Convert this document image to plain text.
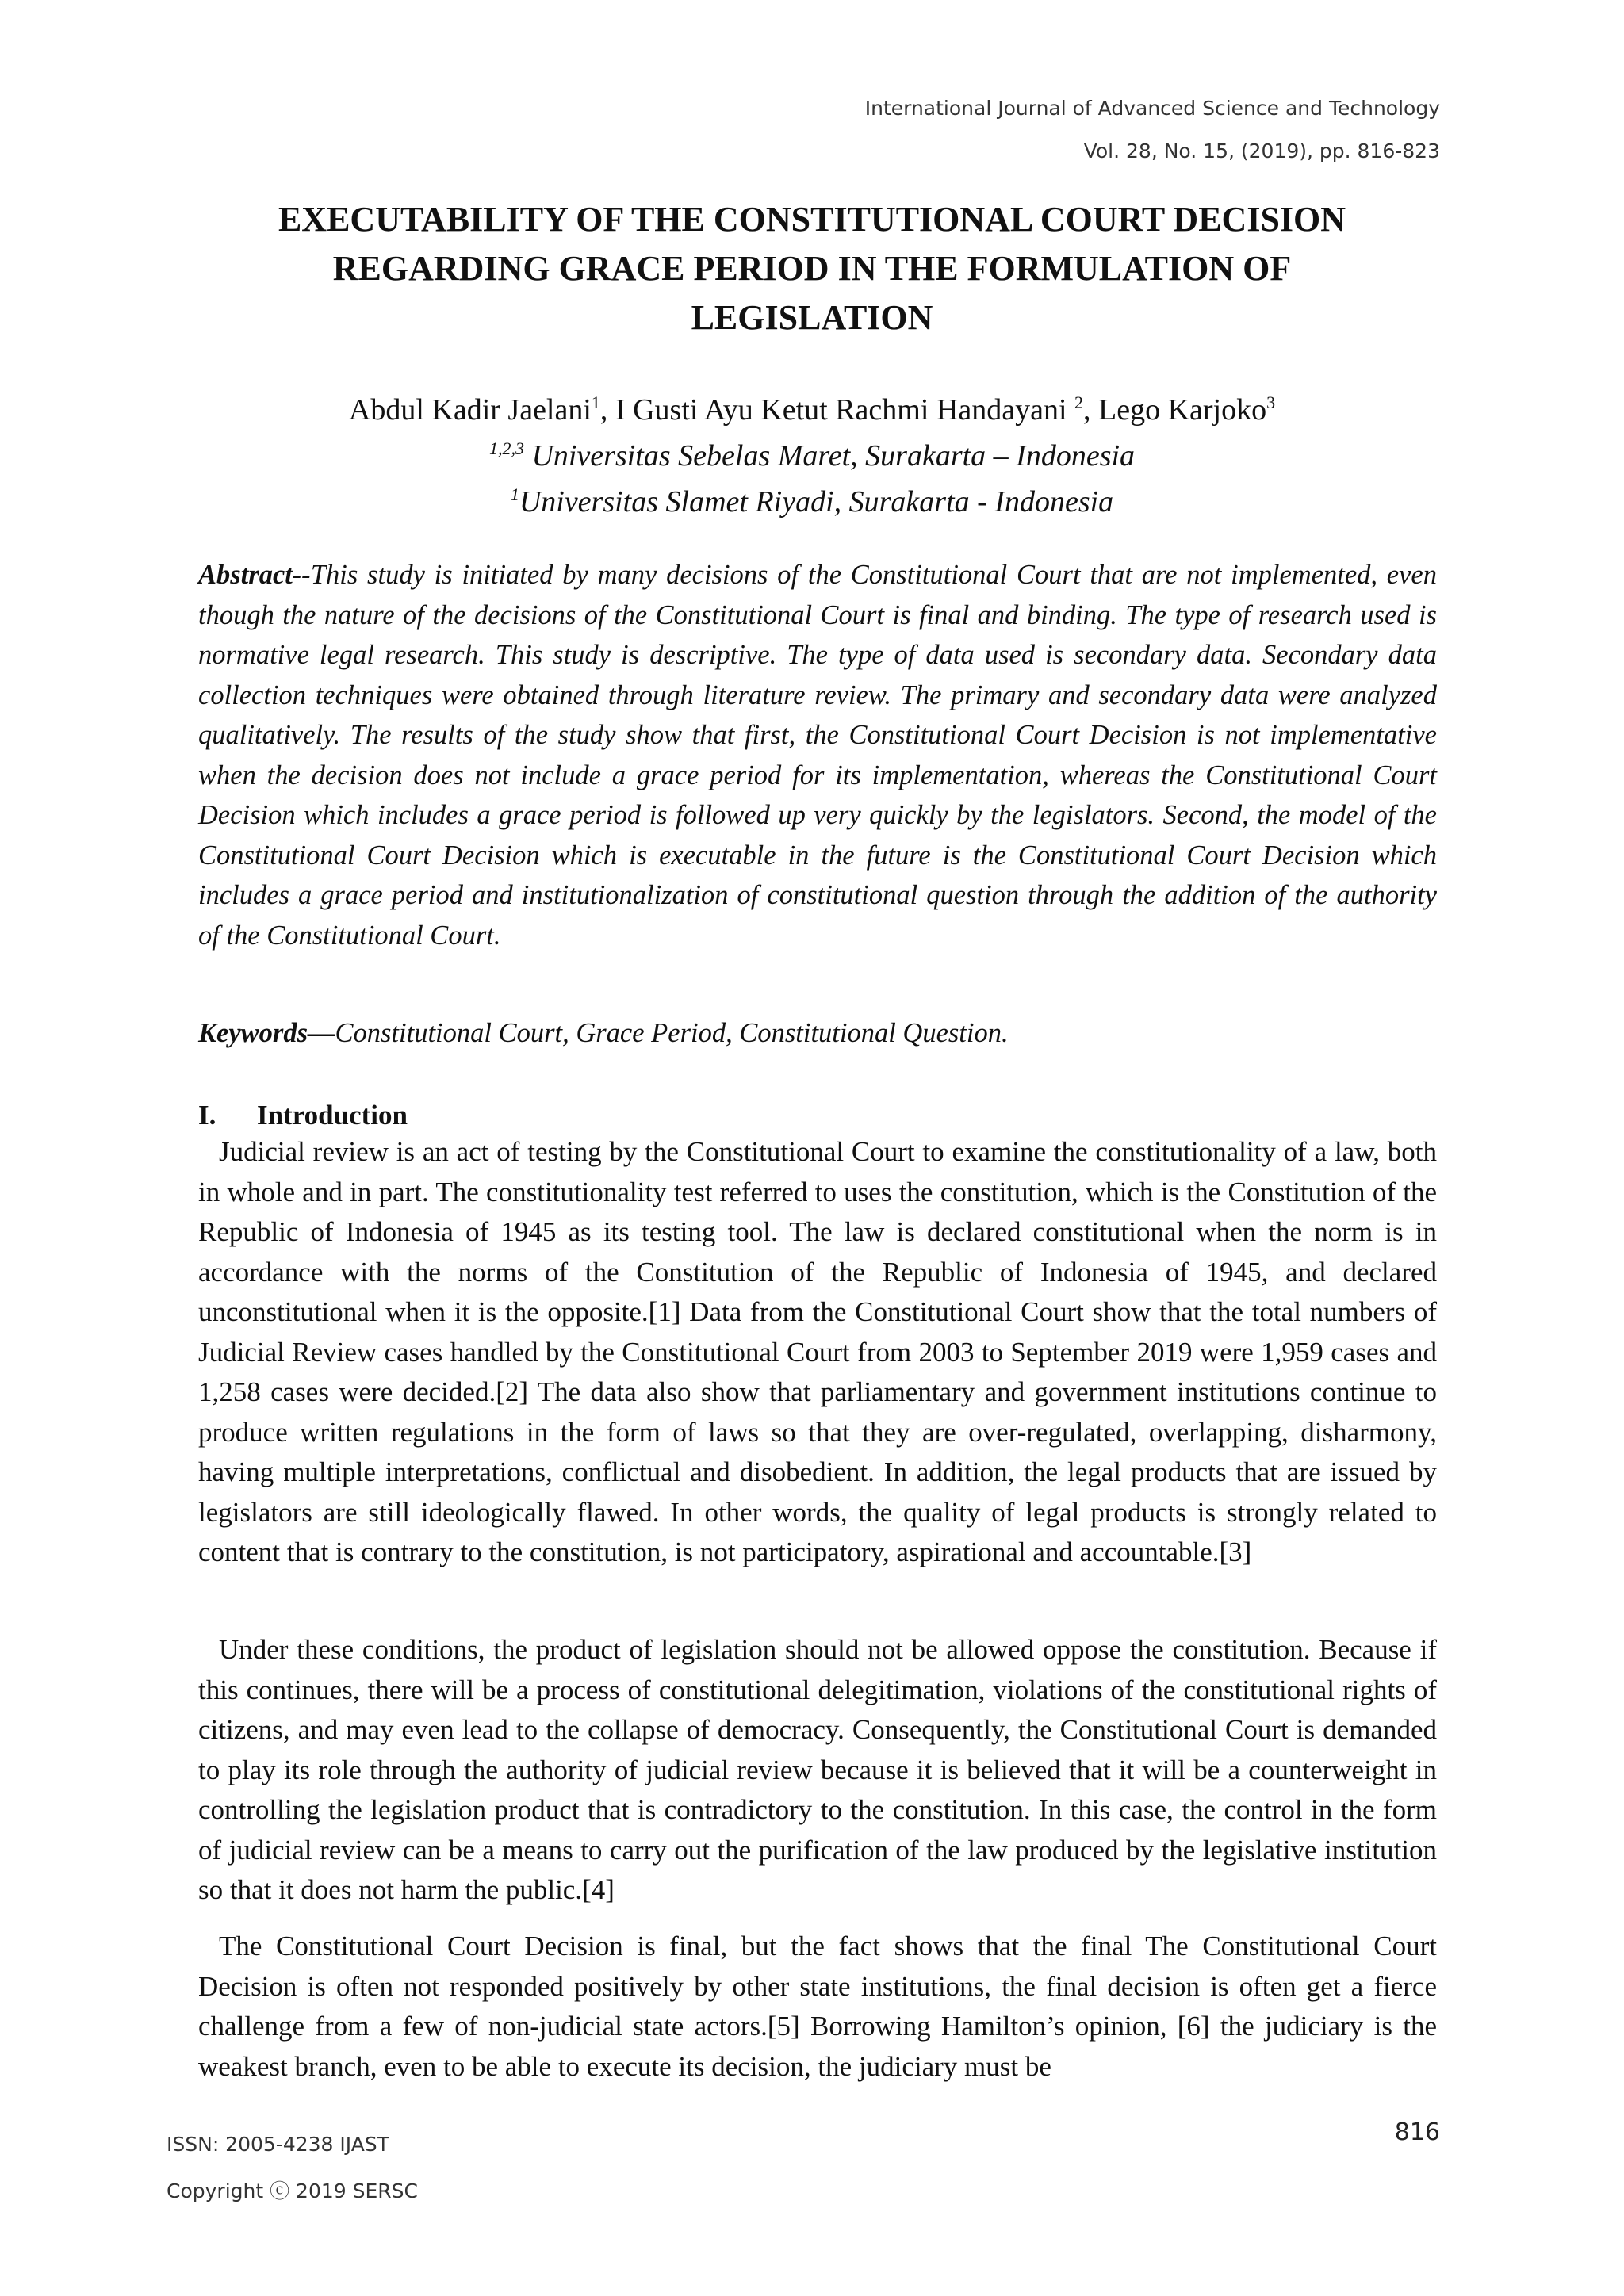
International Journal of Advanced Science and Technology
Vol. 28, No. 15, (2019), pp. 816-823
EXECUTABILITY OF THE CONSTITUTIONAL COURT DECISION
REGARDING GRACE PERIOD IN THE FORMULATION OF
LEGISLATION
Abdul Kadir Jaelani$^1$, I Gusti Ayu Ketut Rachmi Handayani $^2$, Lego Karjoko$^3$
$^{1,2,3}$ Universitas Sebelas Maret, Surakarta – Indonesia
$^1$Universitas Slamet Riyadi, Surakarta - Indonesia
Abstract--This study is initiated by many decisions of the Constitutional Court that are not implemented, even though the nature of the decisions of the Constitutional Court is final and binding. The type of research used is normative legal research. This study is descriptive. The type of data used is secondary data. Secondary data collection techniques were obtained through literature review. The primary and secondary data were analyzed qualitatively. The results of the study show that first, the Constitutional Court Decision is not implementative when the decision does not include a grace period for its implementation, whereas the Constitutional Court Decision which includes a grace period is followed up very quickly by the legislators. Second, the model of the Constitutional Court Decision which is executable in the future is the Constitutional Court Decision which includes a grace period and institutionalization of constitutional question through the addition of the authority of the Constitutional Court.
Keywords—Constitutional Court, Grace Period, Constitutional Question.
I. Introduction

Judicial review is an act of testing by the Constitutional Court to examine the constitutionality of a law, both in whole and in part. The constitutionality test referred to uses the constitution, which is the Constitution of the Republic of Indonesia of 1945 as its testing tool. The law is declared constitutional when the norm is in accordance with the norms of the Constitution of the Republic of Indonesia of 1945, and declared unconstitutional when it is the opposite.[1] Data from the Constitutional Court show that the total numbers of Judicial Review cases handled by the Constitutional Court from 2003 to September 2019 were 1,959 cases and 1,258 cases were decided.[2] The data also show that parliamentary and government institutions continue to produce written regulations in the form of laws so that they are over-regulated, overlapping, disharmony, having multiple interpretations, conflictual and disobedient. In addition, the legal products that are issued by legislators are still ideologically flawed. In other words, the quality of legal products is strongly related to content that is contrary to the constitution, is not participatory, aspirational and accountable.[3]

Under these conditions, the product of legislation should not be allowed oppose the constitution. Because if this continues, there will be a process of constitutional delegitimation, violations of the constitutional rights of citizens, and may even lead to the collapse of democracy. Consequently, the Constitutional Court is demanded to play its role through the authority of judicial review because it is believed that it will be a counterweight in controlling the legislation product that is contradictory to the constitution. In this case, the control in the form of judicial review can be a means to carry out the purification of the law produced by the legislative institution so that it does not harm the public.[4]

The Constitutional Court Decision is final, but the fact shows that the final The Constitutional Court Decision is often not responded positively by other state institutions, the final decision is often get a fierce challenge from a few of non-judicial state actors.[5] Borrowing Hamilton’s opinion, [6] the judiciary is the weakest branch, even to be able to execute its decision, the judiciary must be

ISSN: 2005-4238 IJAST
Copyright ⓒ 2019 SERSC
816
